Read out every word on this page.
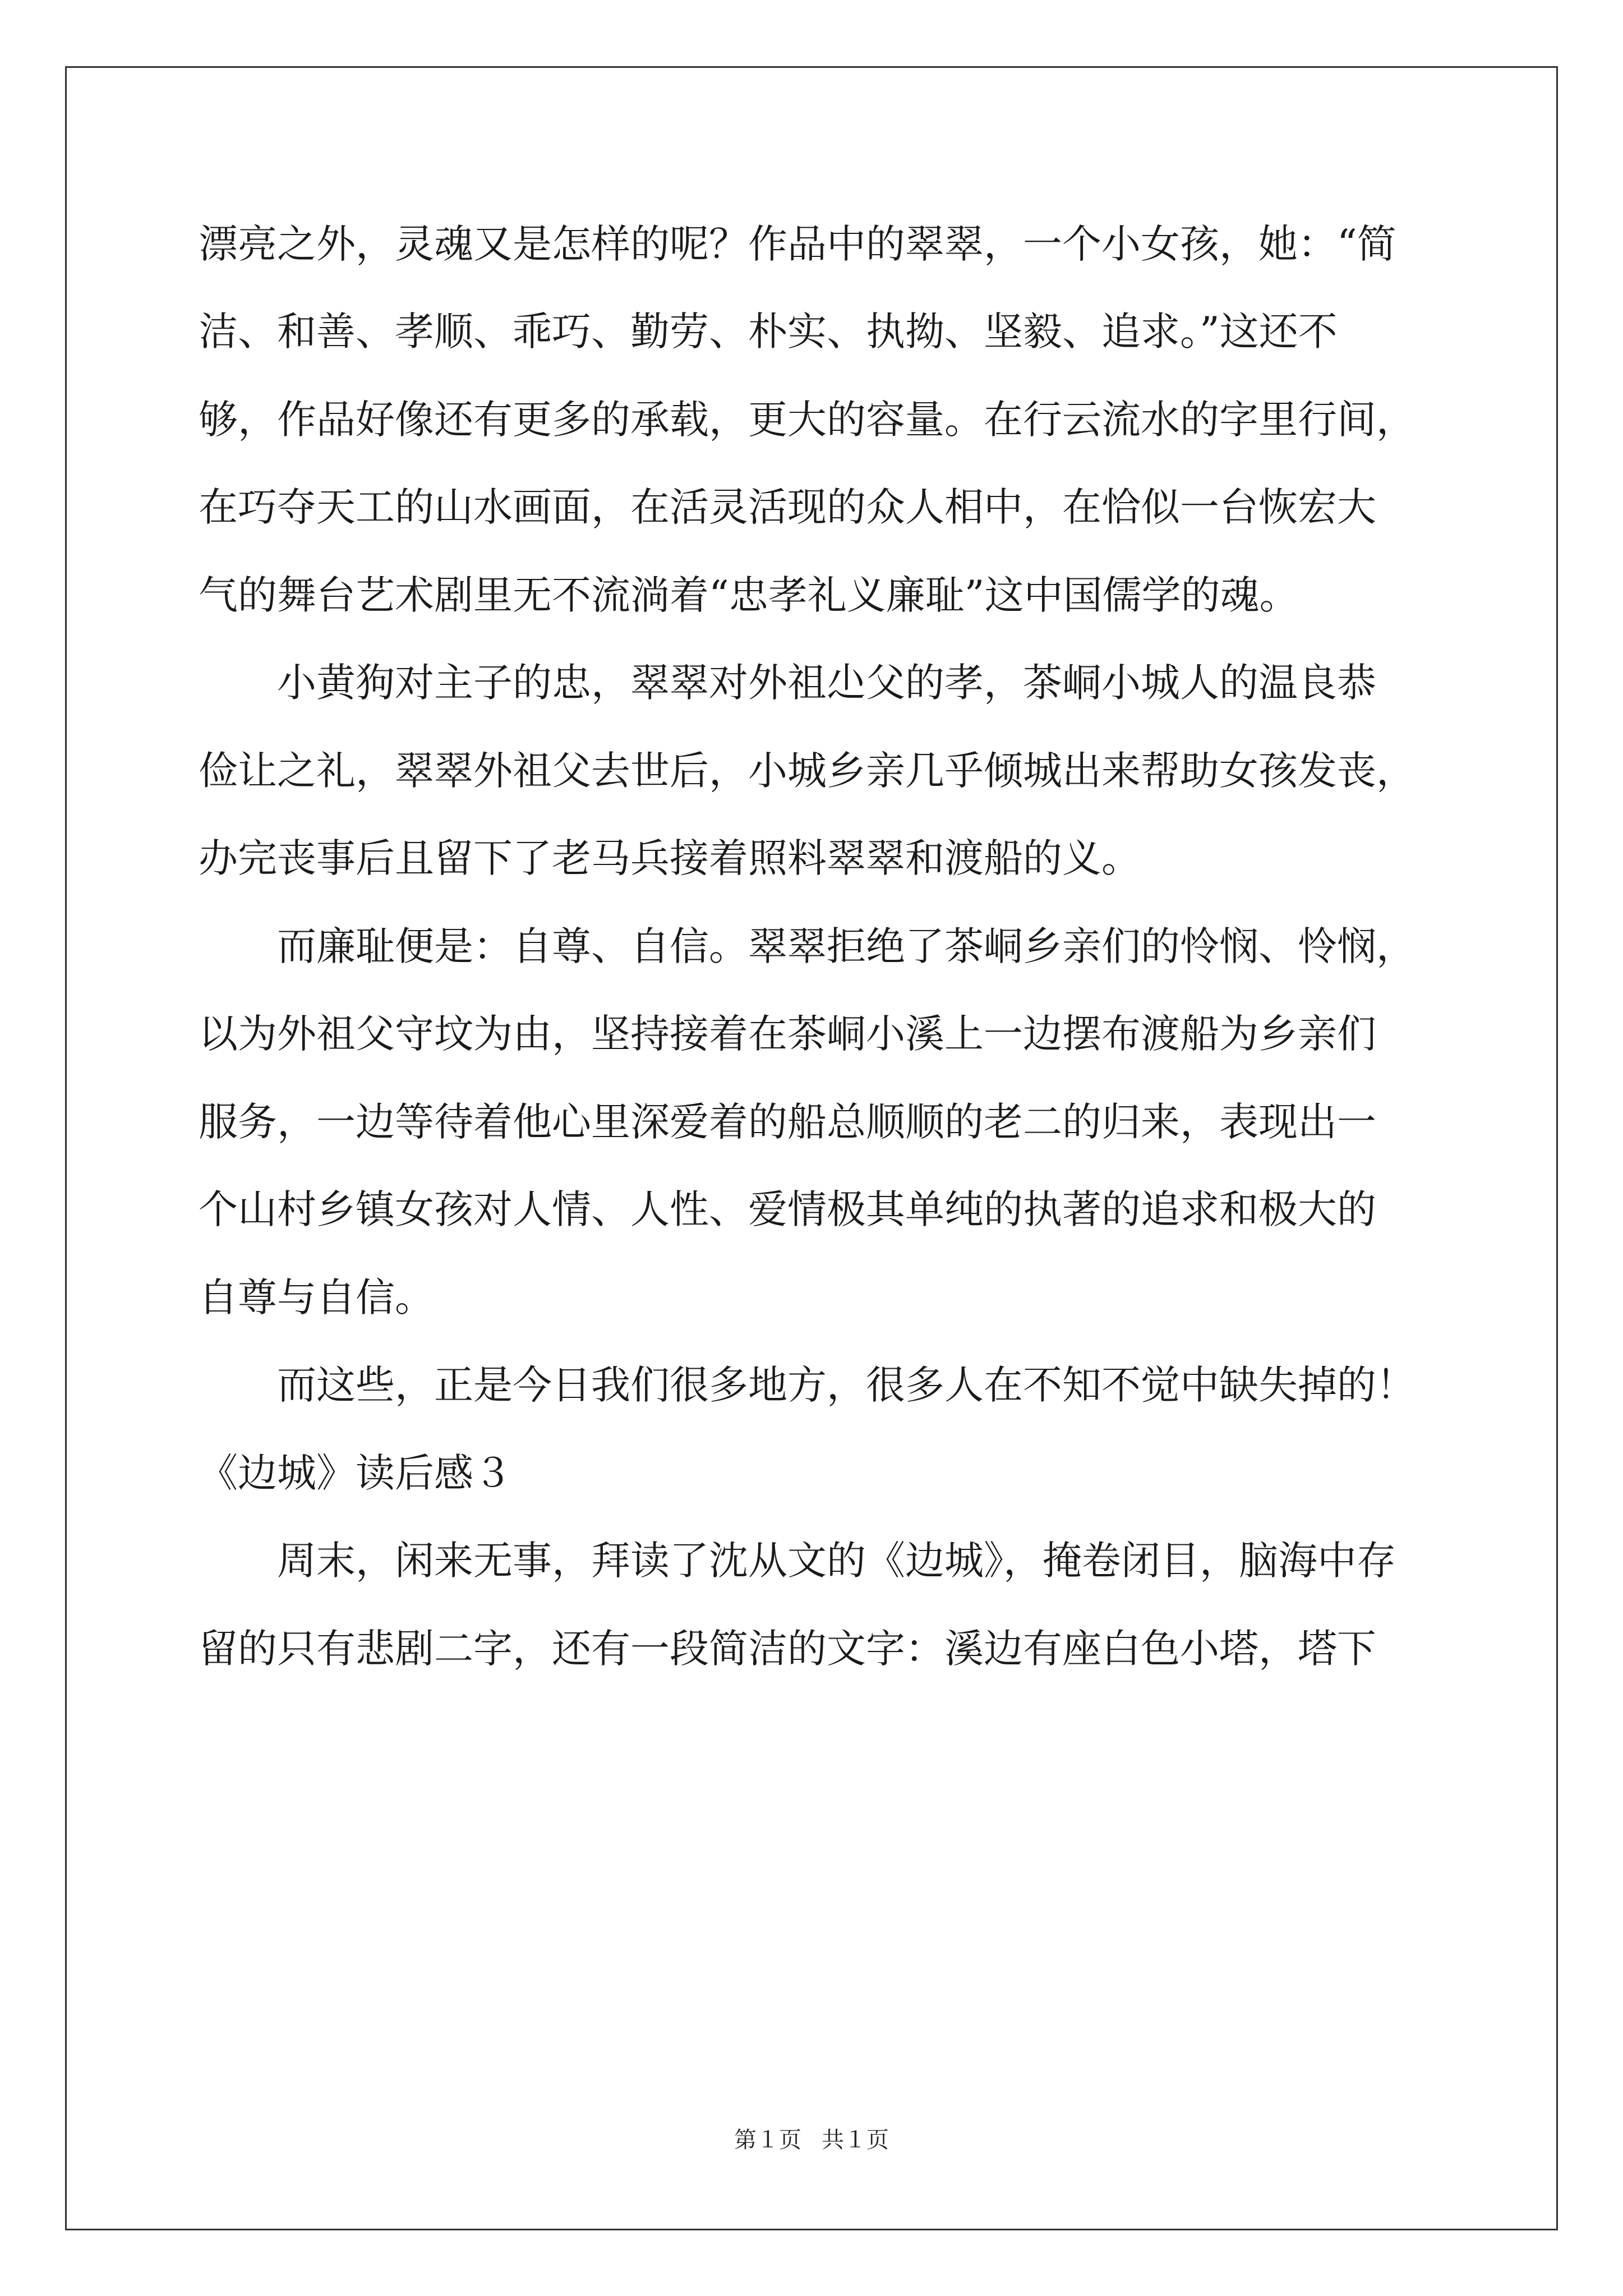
漂亮之外，灵魂又是怎样的呢？作品中的翠翠，一个小女孩，她：“简
洁、和善、孝顺、乖巧、勤劳、朴实、执拗、坚毅、追求。”这还不
够，作品好像还有更多的承载，更大的容量。在行云流水的字里行间，
在巧夺天工的山水画面，在活灵活现的众人相中，在恰似一台恢宏大
气的舞台艺术剧里无不流淌着“忠孝礼义廉耻”这中国儒学的魂。
　　小黄狗对主子的忠，翠翠对外祖尐父的孝，茶峒小城人的温良恭
俭让之礼，翠翠外祖父去世后，小城乡亲几乎倾城出来帮助女孩发丧，
办完丧事后且留下了老马兵接着照料翠翠和渡船的义。
　　而廉耻便是：自尊、自信。翠翠拒绝了茶峒乡亲们的怜悯、怜悯，
以为外祖父守坟为由，坚持接着在茶峒小溪上一边摆布渡船为乡亲们
服务，一边等待着他心里深爱着的船总顺顺的老二的归来，表现出一
个山村乡镇女孩对人情、人性、爱情极其单纯的执著的追求和极大的
自尊与自信。
　　而这些，正是今日我们很多地方，很多人在不知不觉中缺失掉的！
《边城》读后感３
　　周末，闲来无事，拜读了沈从文的《边城》，掩卷闭目，脑海中存
留的只有悲剧二字，还有一段简洁的文字：溪边有座白色小塔，塔下
第１页 共１页
